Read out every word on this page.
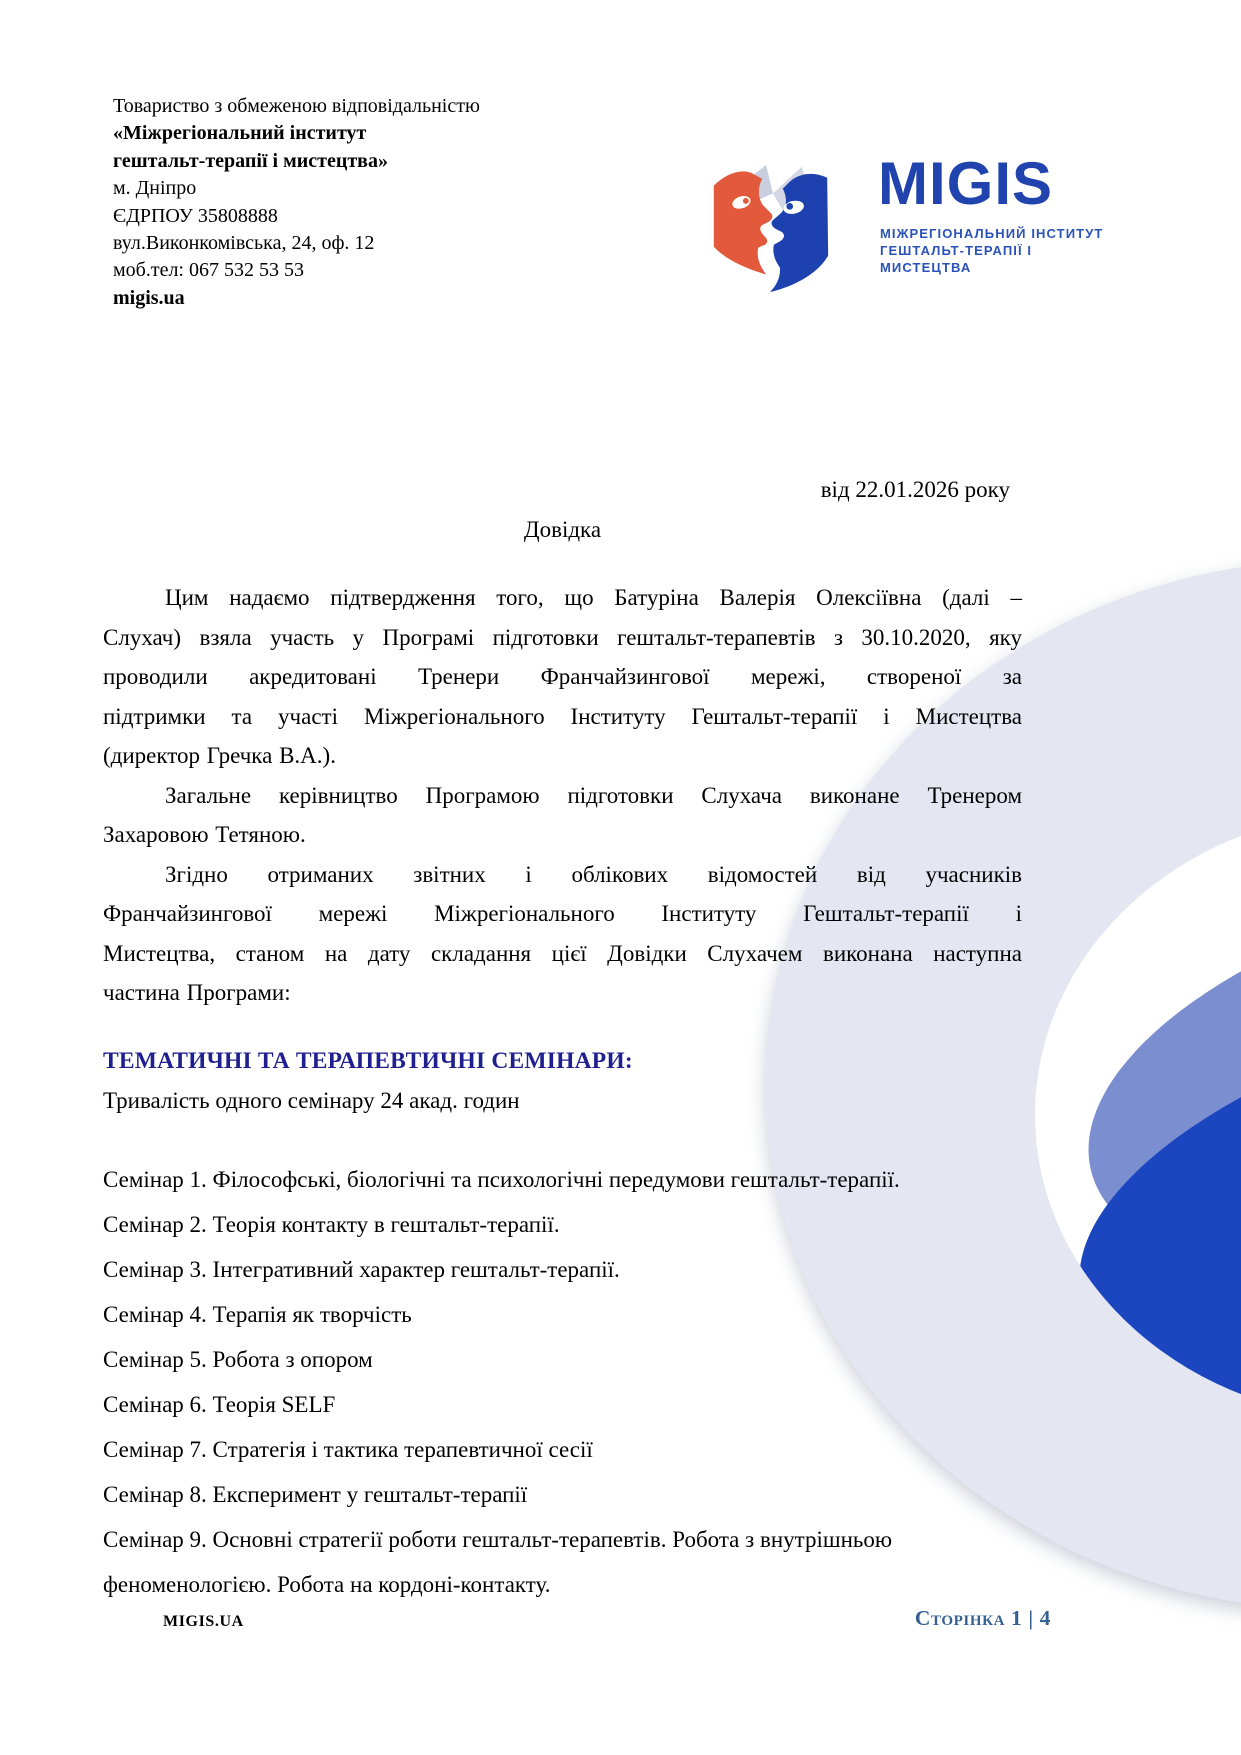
Товариство з обмеженою відповідальністю
«Міжрегіональний інститут
гештальт-терапії і мистецтва»
м. Дніпро
ЄДРПОУ 35808888
вул.Виконкомівська, 24, оф. 12
моб.тел: 067 532 53 53
migis.ua
MIGIS
МІЖРЕГІОНАЛЬНИЙ ІНСТИТУТ
ГЕШТАЛЬТ-ТЕРАПІЇ І МИСТЕЦТВА
від 22.01.2026 року
Довідка
Цим надаємо підтвердження того, що Батуріна Валерія Олексіївна (далі –
Слухач) взяла участь у Програмі підготовки гештальт-терапевтів з 30.10.2020, яку
проводили акредитовані Тренери Франчайзингової мережі, створеної за
підтримки та участі Міжрегіонального Інституту Гештальт-терапії і Мистецтва
(директор Гречка В.А.).
Загальне керівництво Програмою підготовки Слухача виконане Тренером
Захаровою Тетяною.
Згідно отриманих звітних і облікових відомостей від учасників
Франчайзингової мережі Міжрегіонального Інституту Гештальт-терапії і
Мистецтва, станом на дату складання цієї Довідки Слухачем виконана наступна
частина Програми:
ТЕМАТИЧНІ ТА ТЕРАПЕВТИЧНІ СЕМІНАРИ:
Тривалість одного семінару 24 акад. годин
Семінар 1. Філософські, біологічні та психологічні передумови гештальт-терапії.
Семінар 2. Теорія контакту в гештальт-терапії.
Семінар 3. Інтегративний характер гештальт-терапії.
Семінар 4. Терапія як творчість
Семінар 5. Робота з опором
Семінар 6. Теорія SELF
Семінар 7. Стратегія і тактика терапевтичної сесії
Семінар 8. Експеримент у гештальт-терапії
Семінар 9. Основні стратегії роботи гештальт-терапевтів. Робота з внутрішньою феноменологією. Робота на кордоні-контакту.
MIGIS.UA	Сторінка 1 | 4
